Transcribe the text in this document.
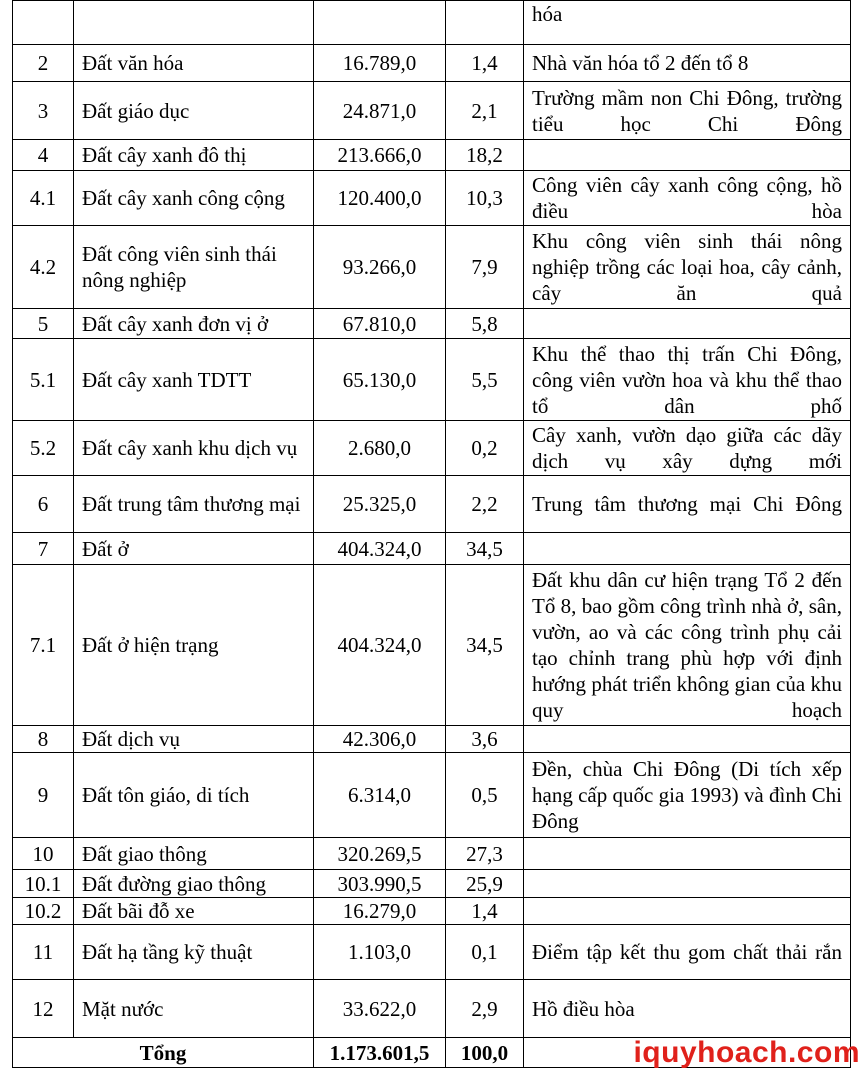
				hóa
2	Đất văn hóa	16.789,0	1,4	Nhà văn hóa tổ 2 đến tổ 8
3	Đất giáo dục	24.871,0	2,1	Trường mầm non Chi Đông, trường tiểu học Chi Đông
4	Đất cây xanh đô thị	213.666,0	18,2	
4.1	Đất cây xanh công cộng	120.400,0	10,3	Công viên cây xanh công cộng, hồ điều hòa
4.2	Đất công viên sinh thái nông nghiệp	93.266,0	7,9	Khu công viên sinh thái nông nghiệp trồng các loại hoa, cây cảnh, cây ăn quả
5	Đất cây xanh đơn vị ở	67.810,0	5,8	
5.1	Đất cây xanh TDTT	65.130,0	5,5	Khu thể thao thị trấn Chi Đông, công viên vườn hoa và khu thể thao tổ dân phố
5.2	Đất cây xanh khu dịch vụ	2.680,0	0,2	Cây xanh, vườn dạo giữa các dãy dịch vụ xây dựng mới
6	Đất trung tâm thương mại	25.325,0	2,2	Trung tâm thương mại Chi Đông
7	Đất ở	404.324,0	34,5	
7.1	Đất ở hiện trạng	404.324,0	34,5	Đất khu dân cư hiện trạng Tổ 2 đến Tổ 8, bao gồm công trình nhà ở, sân, vườn, ao và các công trình phụ cải tạo chỉnh trang phù hợp với định hướng phát triển không gian của khu quy hoạch
8	Đất dịch vụ	42.306,0	3,6	
9	Đất tôn giáo, di tích	6.314,0	0,5	Đền, chùa Chi Đông (Di tích xếp hạng cấp quốc gia 1993) và đình Chi Đông
10	Đất giao thông	320.269,5	27,3	
10.1	Đất đường giao thông	303.990,5	25,9	
10.2	Đất bãi đỗ xe	16.279,0	1,4	
11	Đất hạ tầng kỹ thuật	1.103,0	0,1	Điểm tập kết thu gom chất thải rắn
12	Mặt nước	33.622,0	2,9	Hồ điều hòa
Tổng		1.173.601,5	100,0		iquyhoach.com
